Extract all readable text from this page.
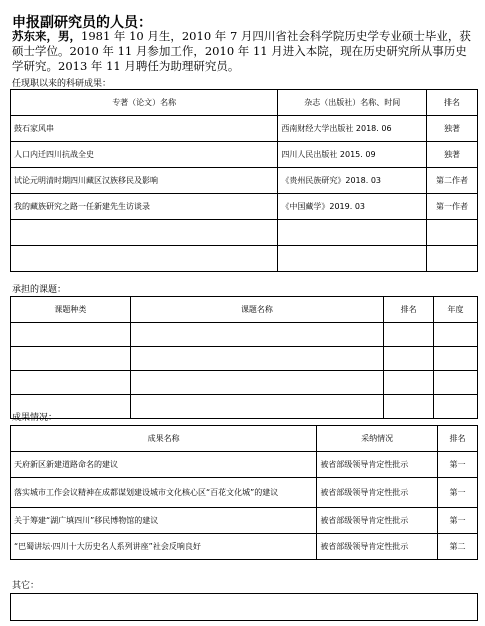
申报副研究员的人员：
苏东来，男，1981 年 10 月生，2010 年 7 月四川省社会科学院历史学专业硕士毕业，获硕士学位。2010 年 11 月参加工作，2010 年 11 月进入本院，现在历史研究所从事历史学研究。2013 年 11 月聘任为助理研究员。
任现职以来的科研成果：
专著（论文）名称	杂志（出版社）名称、时间	排名
鼓石家风串	西南财经大学出版社 2018. 06	独著
人口内迁四川抗战全史	四川人民出版社 2015. 09	独著
试论元明清时期四川藏区汉族移民及影响	《贵州民族研究》2018. 03	第二作者
我的藏族研究之路一任新建先生访谈录	《中国藏学》2019. 03	第一作者

承担的课题：
课题种类	课题名称	排名	年度

成果情况：
成果名称	采纳情况	排名
天府新区新建道路命名的建议	被省部级领导肯定性批示	第一
落实城市工作会议精神在成都谋划建设城市文化核心区“百花文化城”的建议	被省部级领导肯定性批示	第一
关于筹建“湖广填四川”移民博物馆的建议	被省部级领导肯定性批示	第一
“巴蜀讲坛·四川十大历史名人系列讲座”社会反响良好	被省部级领导肯定性批示	第二
其它：
